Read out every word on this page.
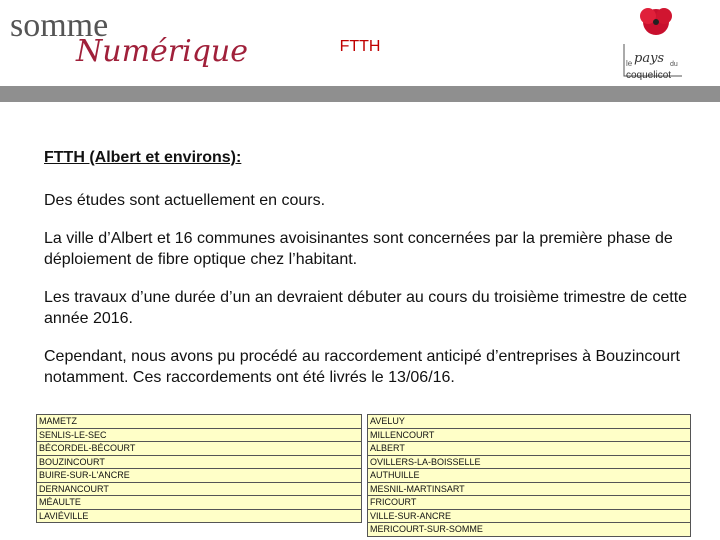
somme
Numérique	FTTH
le pays du
coquelicot

FTTH (Albert et environs):

Des études sont actuellement en cours.

La ville d’Albert et 16 communes avoisinantes sont concernées par la première phase de déploiement de fibre optique chez l’habitant.

Les travaux d’une durée d’un an devraient débuter au cours du troisième trimestre de cette année 2016.

Cependant, nous avons pu procédé au raccordement anticipé d’entreprises à Bouzincourt notamment. Ces raccordements ont été livrés le 13/06/16.

MAMETZ
SENLIS-LE-SEC
BÉCORDEL-BÉCOURT
BOUZINCOURT
BUIRE-SUR-L'ANCRE
DERNANCOURT
MÉAULTE
LAVIÉVILLE
AVELUY
MILLENCOURT
ALBERT
OVILLERS-LA-BOISSELLE
AUTHUILLE
MESNIL-MARTINSART
FRICOURT
VILLE-SUR-ANCRE
MERICOURT-SUR-SOMME
